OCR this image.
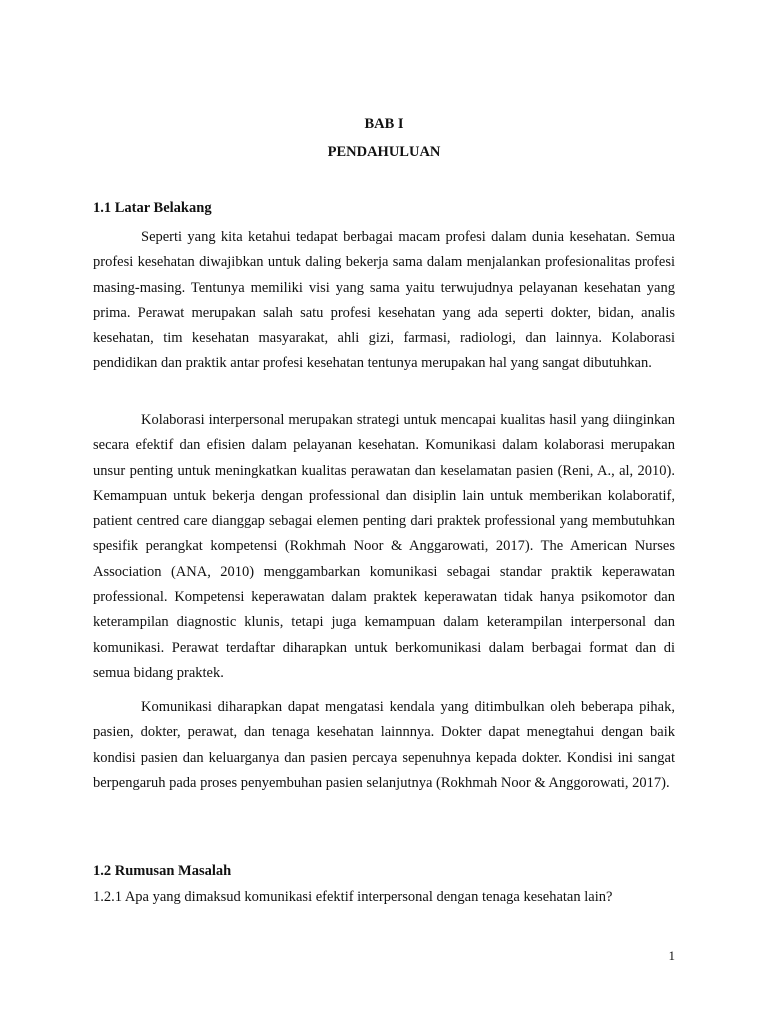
BAB I
PENDAHULUAN
1.1 Latar Belakang

Seperti yang kita ketahui tedapat berbagai macam profesi dalam dunia kesehatan. Semua profesi kesehatan diwajibkan untuk daling bekerja sama dalam menjalankan profesionalitas profesi masing-masing. Tentunya memiliki visi yang sama yaitu terwujudnya pelayanan kesehatan yang prima. Perawat merupakan salah satu profesi kesehatan yang ada seperti dokter, bidan, analis kesehatan, tim kesehatan masyarakat, ahli gizi, farmasi, radiologi, dan lainnya. Kolaborasi pendidikan dan praktik antar profesi kesehatan tentunya merupakan hal yang sangat dibutuhkan.

Kolaborasi interpersonal merupakan strategi untuk mencapai kualitas hasil yang diinginkan secara efektif dan efisien dalam pelayanan kesehatan. Komunikasi dalam kolaborasi merupakan unsur penting untuk meningkatkan kualitas perawatan dan keselamatan pasien (Reni, A., al, 2010). Kemampuan untuk bekerja dengan professional dan disiplin lain untuk memberikan kolaboratif, patient centred care dianggap sebagai elemen penting dari praktek professional yang membutuhkan spesifik perangkat kompetensi (Rokhmah Noor & Anggarowati, 2017). The American Nurses Association (ANA, 2010) menggambarkan komunikasi sebagai standar praktik keperawatan professional. Kompetensi keperawatan dalam praktek keperawatan tidak hanya psikomotor dan keterampilan diagnostic klunis, tetapi juga kemampuan dalam keterampilan interpersonal dan komunikasi. Perawat terdaftar diharapkan untuk berkomunikasi dalam berbagai format dan di semua bidang praktek.

Komunikasi diharapkan dapat mengatasi kendala yang ditimbulkan oleh beberapa pihak, pasien, dokter, perawat, dan tenaga kesehatan lainnnya. Dokter dapat menegtahui dengan baik kondisi pasien dan keluarganya dan pasien percaya sepenuhnya kepada dokter. Kondisi ini sangat berpengaruh pada proses penyembuhan pasien selanjutnya (Rokhmah Noor & Anggorowati, 2017).

1.2 Rumusan Masalah
1.2.1 Apa yang dimaksud komunikasi efektif interpersonal dengan tenaga kesehatan lain?
1
